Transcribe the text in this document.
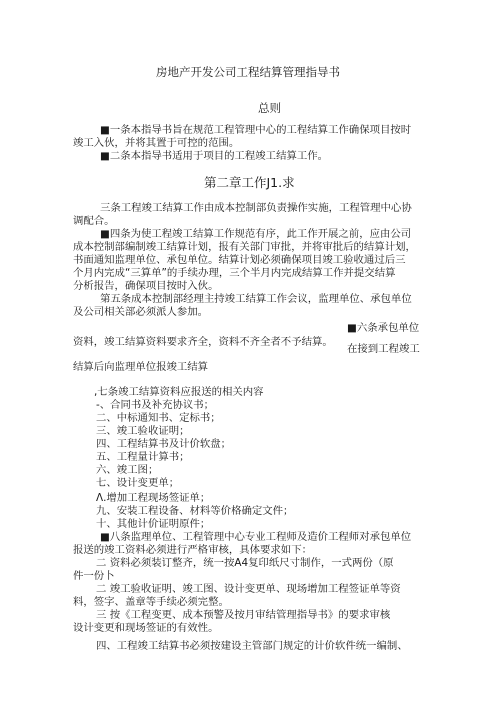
房地产开发公司工程结算管理指导书
总则
■一条本指导书旨在规范工程管理中心的工程结算工作确保项目按时
竣工入伙，并将其置于可控的范围。
■二条本指导书适用于项目的工程竣工结算工作。
第二章工作J1.求
三条工程竣工结算工作由成本控制部负责操作实施，工程管理中心协
调配合。
■四条为使工程竣工结算工作规范有序，此工作开展之前，应由公司
成本控制部编制竣工结算计划，报有关部门审批，并将审批后的结算计划，
书面通知监理单位、承包单位。结算计划必须确保项目竣工验收通过后三
个月内完成“三算单”的手续办理，三个半月内完成结算工作并提交结算
分析报告，确保项目按时入伙。
第五条成本控制部经理主持竣工结算工作会议，监理单位、承包单位
及公司相关部必须派人参加。
■六条承包单位
资料，竣工结算资料要求齐全，资料不齐全者不予结算。
在接到工程竣工
结算后向监理单位报竣工结算
,七条竣工结算资料应报送的相关内容
-、合同书及补充协议书；
二、中标通知书、定标书；
三、竣工验收证明；
四、工程结算书及计价软盘；
五、工程量计算书；
六、竣工图；
七、设计变更单；
Λ.增加工程现场签证单；
九、安装工程设备、材料等价格确定文件；
十、其他计价证明原件；
■八条监理单位、工程管理中心专业工程师及造价工程师对承包单位
报送的竣工资料必须进行严格审核，具体要求如下：
二 资料必须装订整齐，统一按A4复印纸尺寸制作，一式两份（原
件一份卜
二 竣工验收证明、竣工图、设计变更单、现场增加工程签证单等资
料，签字、盖章等手续必须完整。
三 按《工程变更、成本预警及按月审结管理指导书》的要求审核
设计变更和现场签证的有效性。
四、工程竣工结算书必须按建设主管部门规定的计价软件统一编制、
